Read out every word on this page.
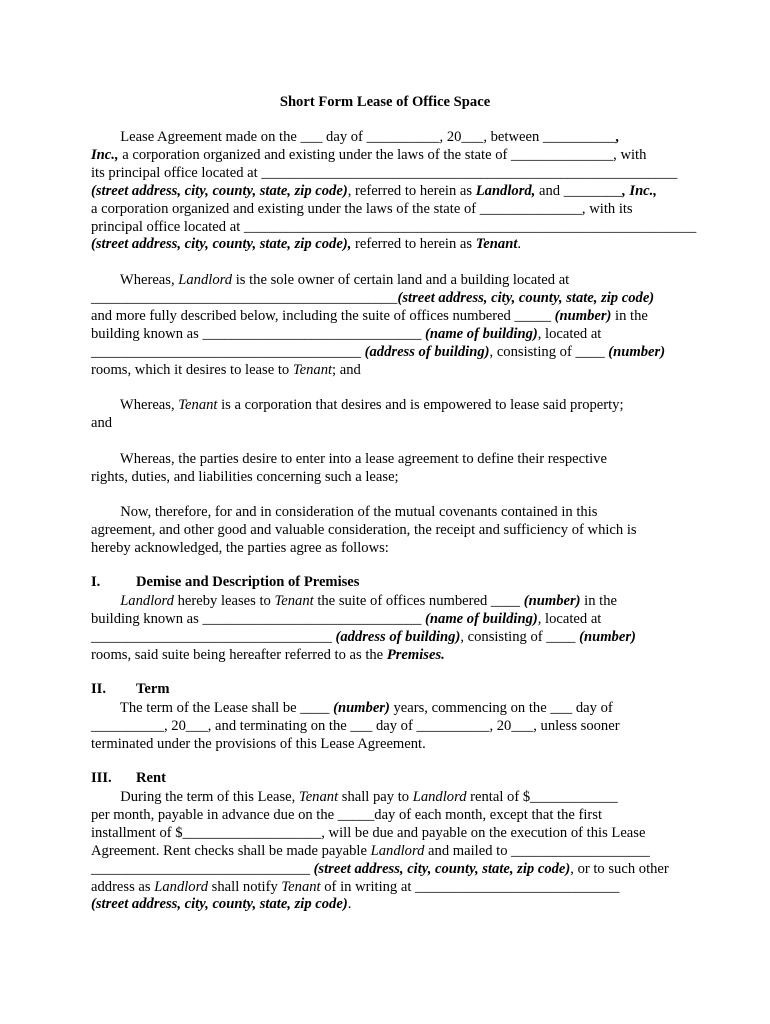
Short Form Lease of Office Space
Lease Agreement made on the ___ day of __________, 20___, between __________,
Inc., a corporation organized and existing under the laws of the state of ______________, with
its principal office located at _________________________________________________________
(street address, city, county, state, zip code), referred to herein as Landlord, and ________, Inc.,
a corporation organized and existing under the laws of the state of ______________, with its
principal office located at ______________________________________________________________
(street address, city, county, state, zip code), referred to herein as Tenant.
Whereas, Landlord is the sole owner of certain land and a building located at
__________________________________________(street address, city, county, state, zip code)
and more fully described below, including the suite of offices numbered _____ (number) in the
building known as ______________________________ (name of building), located at
_____________________________________ (address of building), consisting of ____ (number)
rooms, which it desires to lease to Tenant; and
Whereas, Tenant is a corporation that desires and is empowered to lease said property;
and
Whereas, the parties desire to enter into a lease agreement to define their respective
rights, duties, and liabilities concerning such a lease;
Now, therefore, for and in consideration of the mutual covenants contained in this
agreement, and other good and valuable consideration, the receipt and sufficiency of which is
hereby acknowledged, the parties agree as follows:
I. Demise and Description of Premises
Landlord hereby leases to Tenant the suite of offices numbered ____ (number) in the
building known as ______________________________ (name of building), located at
_________________________________ (address of building), consisting of ____ (number)
rooms, said suite being hereafter referred to as the Premises.
II. Term
The term of the Lease shall be ____ (number) years, commencing on the ___ day of
__________, 20___, and terminating on the ___ day of __________, 20___, unless sooner
terminated under the provisions of this Lease Agreement.
III. Rent
During the term of this Lease, Tenant shall pay to Landlord rental of $____________
per month, payable in advance due on the _____day of each month, except that the first
installment of $___________________, will be due and payable on the execution of this Lease
Agreement. Rent checks shall be made payable Landlord and mailed to ___________________
______________________________ (street address, city, county, state, zip code), or to such other
address as Landlord shall notify Tenant of in writing at ____________________________
(street address, city, county, state, zip code).
